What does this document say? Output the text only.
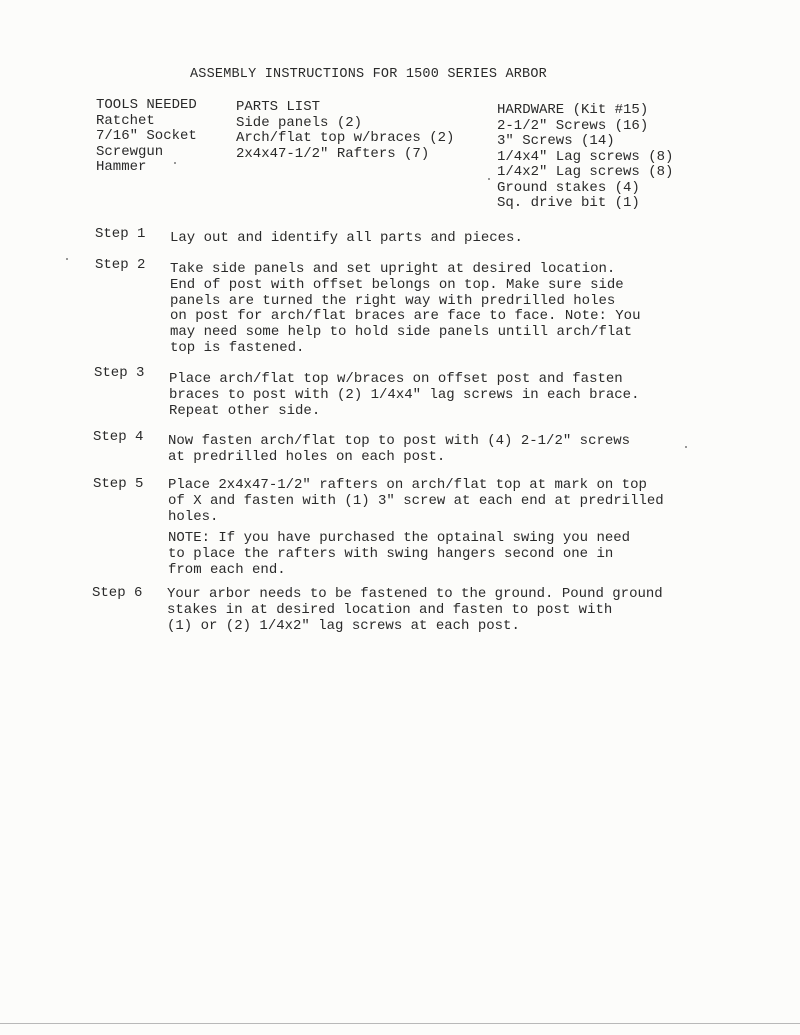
ASSEMBLY INSTRUCTIONS FOR 1500 SERIES ARBOR
TOOLS NEEDED
Ratchet
7/16" Socket
Screwgun
Hammer
PARTS LIST
Side panels (2)
Arch/flat top w/braces (2)
2x4x47-1/2" Rafters (7)
HARDWARE (Kit #15)
2-1/2" Screws (16)
3" Screws (14)
1/4x4" Lag screws (8)
1/4x2" Lag screws (8)
Ground stakes (4)
Sq. drive bit (1)
Step 1 Lay out and identify all parts and pieces.
Step 2 Take side panels and set upright at desired location.
End of post with offset belongs on top. Make sure side
panels are turned the right way with predrilled holes
on post for arch/flat braces are face to face. Note: You
may need some help to hold side panels untill arch/flat
top is fastened.
Step 3 Place arch/flat top w/braces on offset post and fasten
braces to post with (2) 1/4x4" lag screws in each brace.
Repeat other side.
Step 4 Now fasten arch/flat top to post with (4) 2-1/2" screws
at predrilled holes on each post.
Step 5 Place 2x4x47-1/2" rafters on arch/flat top at mark on top
of X and fasten with (1) 3" screw at each end at predrilled
holes.
NOTE: If you have purchased the optainal swing you need
to place the rafters with swing hangers second one in
from each end.
Step 6 Your arbor needs to be fastened to the ground. Pound ground
stakes in at desired location and fasten to post with
(1) or (2) 1/4x2" lag screws at each post.
